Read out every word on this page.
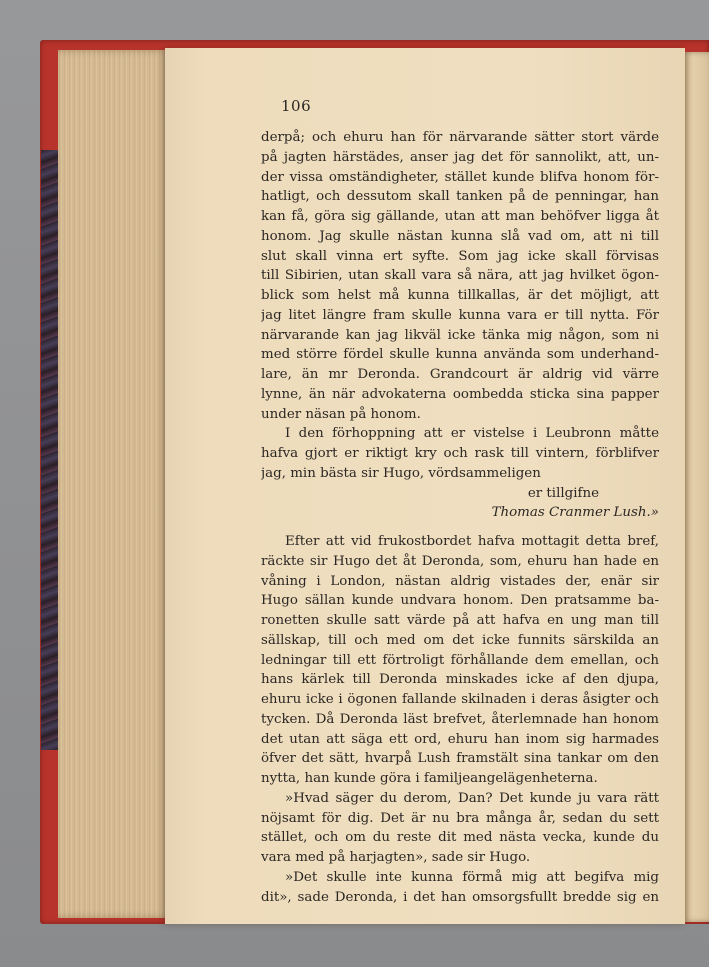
106
derpå; och ehuru han för närvarande sätter stort värde
på jagten härstädes, anser jag det för sannolikt, att, un-
der vissa omständigheter, stället kunde blifva honom för-
hatligt, och dessutom skall tanken på de penningar, han
kan få, göra sig gällande, utan att man behöfver ligga åt
honom. Jag skulle nästan kunna slå vad om, att ni till
slut skall vinna ert syfte. Som jag icke skall förvisas
till Sibirien, utan skall vara så nära, att jag hvilket ögon-
blick som helst må kunna tillkallas, är det möjligt, att
jag litet längre fram skulle kunna vara er till nytta. För
närvarande kan jag likväl icke tänka mig någon, som ni
med större fördel skulle kunna använda som underhand-
lare, än mr Deronda. Grandcourt är aldrig vid värre
lynne, än när advokaterna oombedda sticka sina papper
under näsan på honom.
I den förhoppning att er vistelse i Leubronn måtte
hafva gjort er riktigt kry och rask till vintern, förblifver
jag, min bästa sir Hugo, vördsammeligen
er tillgifne
Thomas Cranmer Lush.»
Efter att vid frukostbordet hafva mottagit detta bref,
räckte sir Hugo det åt Deronda, som, ehuru han hade en
våning i London, nästan aldrig vistades der, enär sir
Hugo sällan kunde undvara honom. Den pratsamme ba-
ronetten skulle satt värde på att hafva en ung man till
sällskap, till och med om det icke funnits särskilda an
ledningar till ett förtroligt förhållande dem emellan, och
hans kärlek till Deronda minskades icke af den djupa,
ehuru icke i ögonen fallande skilnaden i deras åsigter och
tycken. Då Deronda läst brefvet, återlemnade han honom
det utan att säga ett ord, ehuru han inom sig harmades
öfver det sätt, hvarpå Lush framstält sina tankar om den
nytta, han kunde göra i familjeangelägenheterna.
»Hvad säger du derom, Dan? Det kunde ju vara rätt
nöjsamt för dig. Det är nu bra många år, sedan du sett
stället, och om du reste dit med nästa vecka, kunde du
vara med på harjagten», sade sir Hugo.
»Det skulle inte kunna förmå mig att begifva mig
dit», sade Deronda, i det han omsorgsfullt bredde sig en
